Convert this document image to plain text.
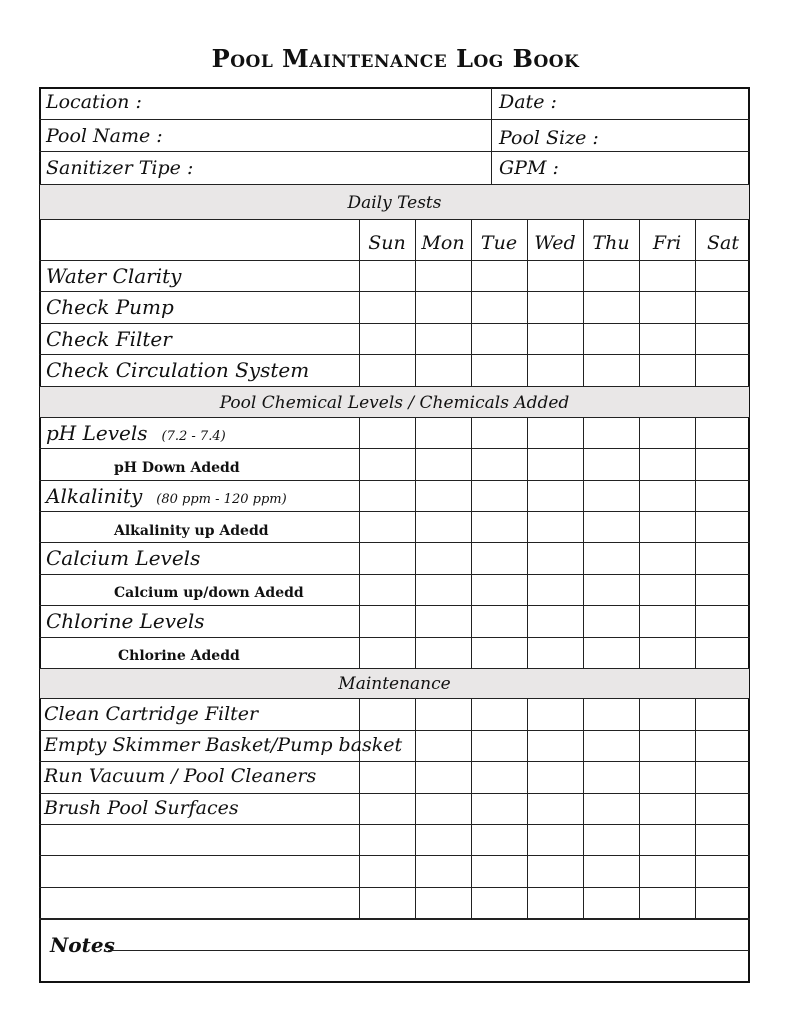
Pool Maintenance Log Book
Location :	Date :
Pool Name :	Pool Size :
Sanitizer Tipe :	GPM :
Daily Tests
Pool Chemical Levels / Chemicals Added
Maintenance
Sun Mon Tue Wed Thu	Fri	Sat
Water Clarity
Check Pump
Check Filter
Check Circulation System
pH Levels (7.2 - 7.4)
pH Down Adedd
Alkalinity (80 ppm - 120 ppm)
Alkalinity up Adedd
Calcium Levels
Calcium up/down Adedd
Chlorine Levels
Chlorine Adedd
Clean Cartridge Filter
Empty Skimmer Basket/Pump basket
Run Vacuum / Pool Cleaners
Brush Pool Surfaces
Notes
